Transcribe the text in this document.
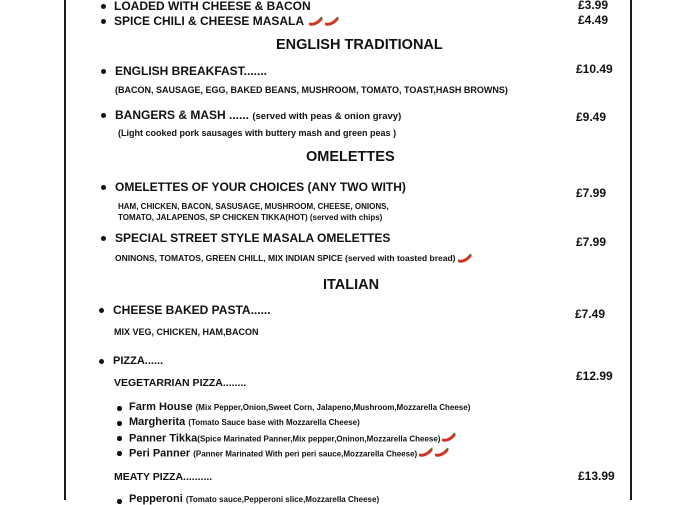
LOADED WITH CHEESE & BACON	£3.99
SPICE CHILI & CHEESE MASALA	£4.49
ENGLISH TRADITIONAL
ENGLISH BREAKFAST.......	£10.49
(BACON, SAUSAGE, EGG, BAKED BEANS, MUSHROOM, TOMATO, TOAST,HASH BROWNS)
BANGERS & MASH ...... (served with peas & onion gravy)	£9.49
(Light cooked pork sausages with buttery mash and green peas )
OMELETTES
OMELETTES OF YOUR CHOICES (ANY TWO WITH)	£7.99
HAM, CHICKEN, BACON, SASUSAGE, MUSHROOM, CHEESE, ONIONS,
TOMATO, JALAPENOS, SP CHICKEN TIKKA(HOT) (served with chips)
SPECIAL STREET STYLE MASALA OMELETTES	£7.99
ONINONS, TOMATOS, GREEN CHILL, MIX INDIAN SPICE (served with toasted bread)
ITALIAN
CHEESE BAKED PASTA......	£7.49
MIX VEG, CHICKEN, HAM,BACON
PIZZA......
VEGETARRIAN PIZZA........	£12.99
Farm House (Mix Pepper,Onion,Sweet Corn, Jalapeno,Mushroom,Mozzarella Cheese)
Margherita (Tomato Sauce base with Mozzarella Cheese)
Panner Tikka(Spice Marinated Panner,Mix pepper,Oninon,Mozzarella Cheese)
Peri Panner (Panner Marinated With peri peri sauce,Mozzarella Cheese)
MEATY PIZZA..........	£13.99
Pepperoni (Tomato sauce,Pepperoni slice,Mozzarella Cheese)
